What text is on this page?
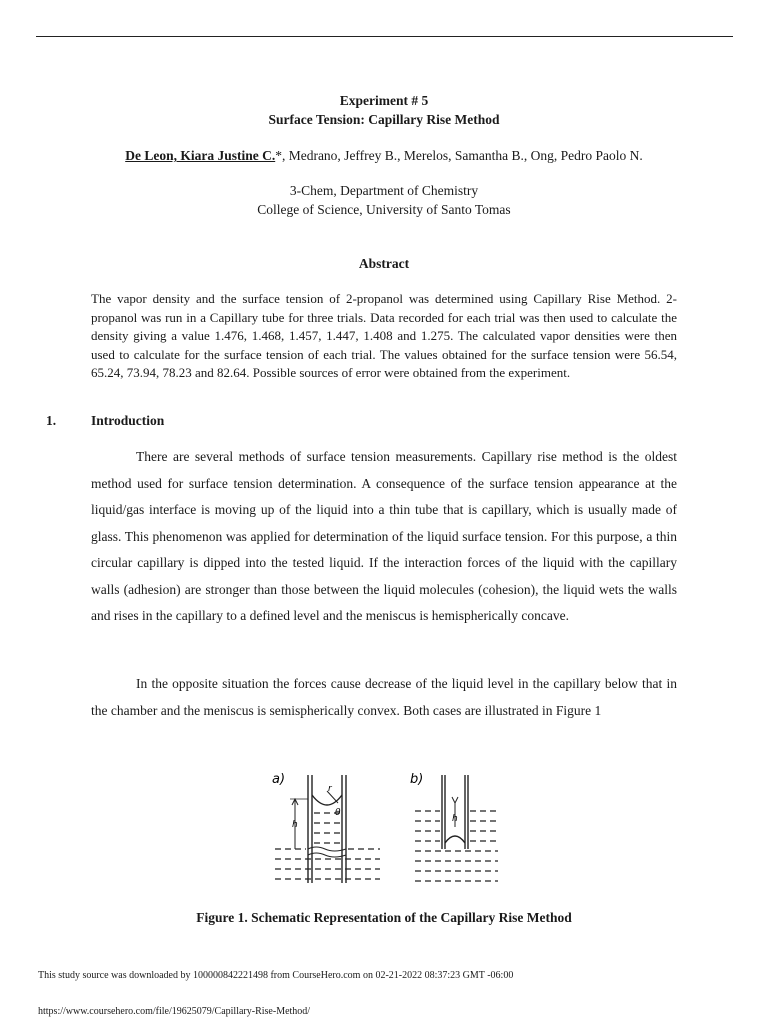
Experiment # 5
Surface Tension: Capillary Rise Method
De Leon, Kiara Justine C.*, Medrano, Jeffrey B., Merelos, Samantha B., Ong, Pedro Paolo N.
3-Chem, Department of Chemistry
College of Science, University of Santo Tomas
Abstract
The vapor density and the surface tension of 2-propanol was determined using Capillary Rise Method. 2-propanol was run in a Capillary tube for three trials. Data recorded for each trial was then used to calculate the density giving a value 1.476, 1.468, 1.457, 1.447, 1.408 and 1.275. The calculated vapor densities were then used to calculate for the surface tension of each trial. The values obtained for the surface tension were 56.54, 65.24, 73.94, 78.23 and 82.64. Possible sources of error were obtained from the experiment.
1.	Introduction
There are several methods of surface tension measurements. Capillary rise method is the oldest method used for surface tension determination. A consequence of the surface tension appearance at the liquid/gas interface is moving up of the liquid into a thin tube that is capillary, which is usually made of glass. This phenomenon was applied for determination of the liquid surface tension. For this purpose, a thin circular capillary is dipped into the tested liquid. If the interaction forces of the liquid with the capillary walls (adhesion) are stronger than those between the liquid molecules (cohesion), the liquid wets the walls and rises in the capillary to a defined level and the meniscus is hemispherically concave.
In the opposite situation the forces cause decrease of the liquid level in the capillary below that in the chamber and the meniscus is semispherically convex. Both cases are illustrated in Figure 1
a)
h
r
θ
b)
h
Figure 1. Schematic Representation of the Capillary Rise Method
This study source was downloaded by 100000842221498 from CourseHero.com on 02-21-2022 08:37:23 GMT -06:00
https://www.coursehero.com/file/19625079/Capillary-Rise-Method/
